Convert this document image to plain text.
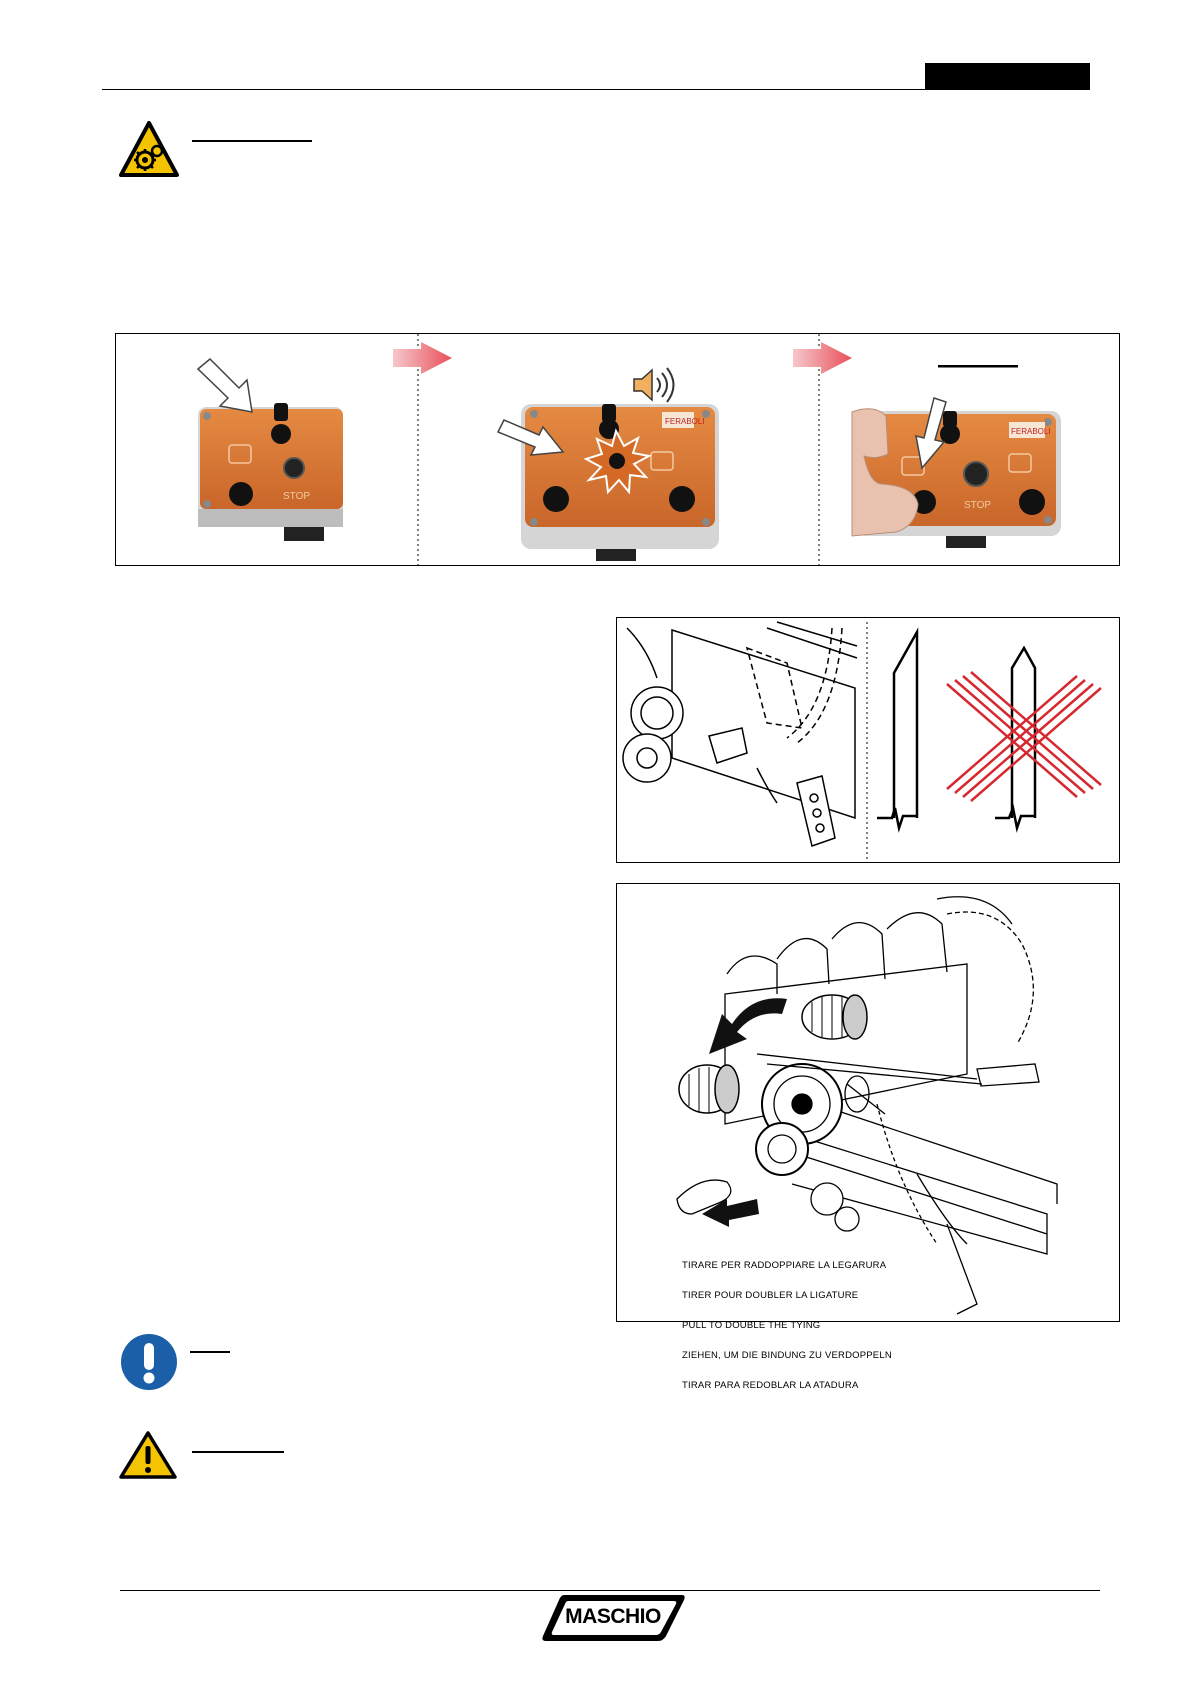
STOP
FERABOLI
STOP
FERABOLI

TIRARE PER RADDOPPIARE LA LEGARURA

TIRER POUR DOUBLER LA LIGATURE

PULL TO DOUBLE THE TYING

ZIEHEN, UM DIE BINDUNG ZU VERDOPPELN

TIRAR PARA REDOBLAR LA ATADURA

MASCHIO
